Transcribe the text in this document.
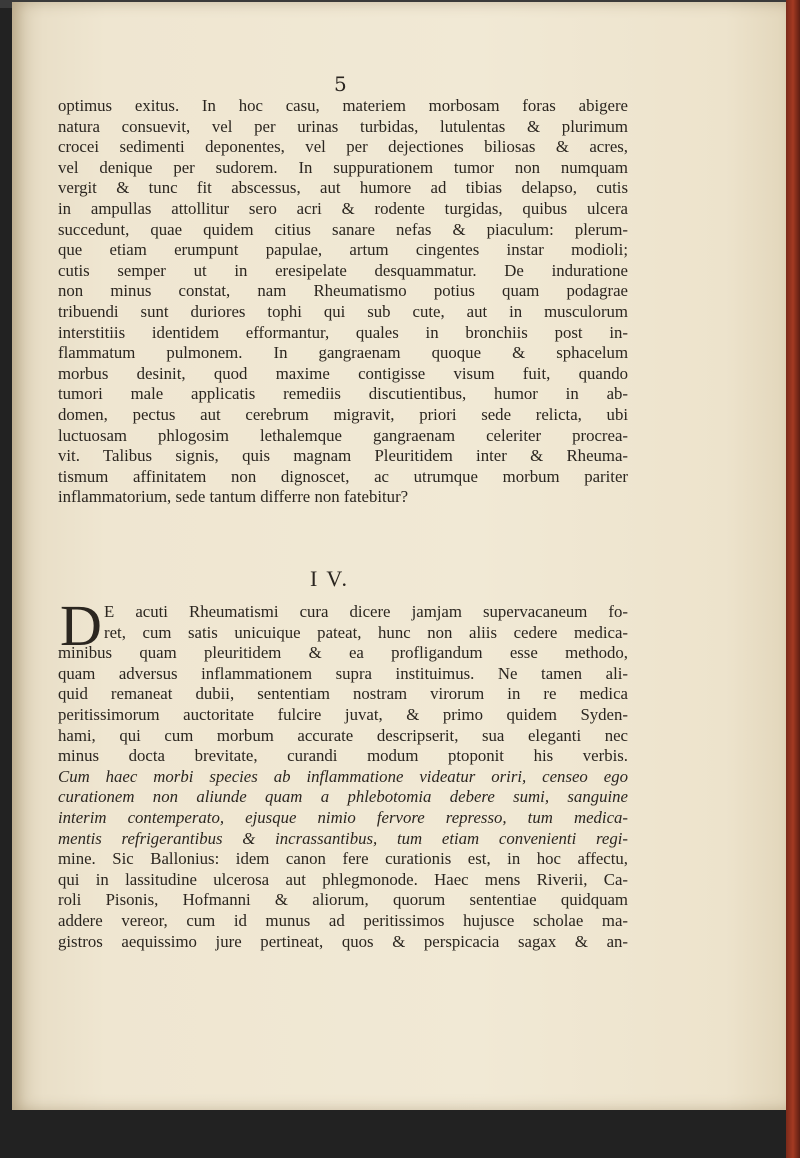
5
optimus exitus. In hoc casu, materiem morbosam foras abigere
natura consuevit, vel per urinas turbidas, lutulentas & plurimum
crocei sedimenti deponentes, vel per dejectiones biliosas & acres,
vel denique per sudorem. In suppurationem tumor non numquam
vergit & tunc fit abscessus, aut humore ad tibias delapso, cutis
in ampullas attollitur sero acri & rodente turgidas, quibus ulcera
succedunt, quae quidem citius sanare nefas & piaculum: plerum-
que etiam erumpunt papulae, artum cingentes instar modioli;
cutis semper ut in eresipelate desquammatur. De induratione
non minus constat, nam Rheumatismo potius quam podagrae
tribuendi sunt duriores tophi qui sub cute, aut in musculorum
interstitiis identidem efformantur, quales in bronchiis post in-
flammatum pulmonem. In gangraenam quoque & sphacelum
morbus desinit, quod maxime contigisse visum fuit, quando
tumori male applicatis remediis discutientibus, humor in ab-
domen, pectus aut cerebrum migravit, priori sede relicta, ubi
luctuosam phlogosim lethalemque gangraenam celeriter procrea-
vit. Talibus signis, quis magnam Pleuritidem inter & Rheuma-
tismum affinitatem non dignoscet, ac utrumque morbum pariter
inflammatorium, sede tantum differre non fatebitur?
I V.
D E acuti Rheumatismi cura dicere jamjam supervacaneum fo-
ret, cum satis unicuique pateat, hunc non aliis cedere medica-
minibus quam pleuritidem & ea profligandum esse methodo,
quam adversus inflammationem supra instituimus. Ne tamen ali-
quid remaneat dubii, sententiam nostram virorum in re medica
peritissimorum auctoritate fulcire juvat, & primo quidem Syden-
hami, qui cum morbum accurate descripserit, sua eleganti nec
minus docta brevitate, curandi modum ptoponit his verbis.
Cum haec morbi species ab inflammatione videatur oriri, censeo ego
curationem non aliunde quam a phlebotomia debere sumi, sanguine
interim contemperato, ejusque nimio fervore represso, tum medica-
mentis refrigerantibus & incrassantibus, tum etiam convenienti regi-
mine. Sic Ballonius: idem canon fere curationis est, in hoc affectu,
qui in lassitudine ulcerosa aut phlegmonode. Haec mens Riverii, Ca-
roli Pisonis, Hofmanni & aliorum, quorum sententiae quidquam
addere vereor, cum id munus ad peritissimos hujusce scholae ma-
gistros aequissimo jure pertineat, quos & perspicacia sagax & an-
